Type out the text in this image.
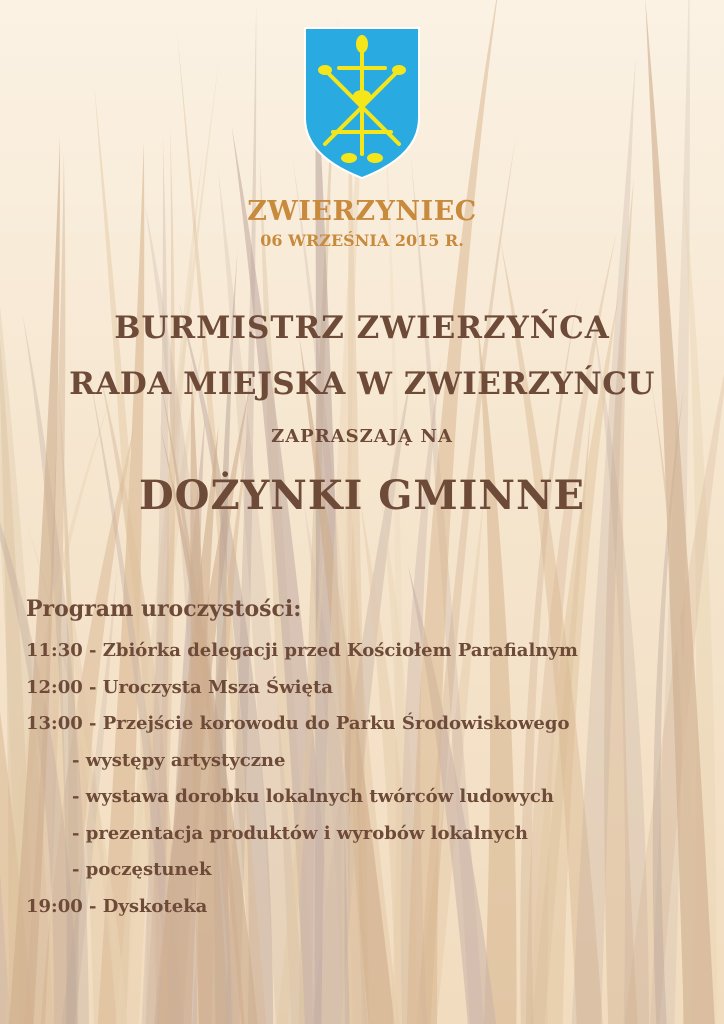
ZWIERZYNIEC
06 WRZEŚNIA 2015 R.
BURMISTRZ ZWIERZYŃCA
RADA MIEJSKA W ZWIERZYŃCU
ZAPRASZAJĄ NA
DOŻYNKI GMINNE
Program uroczystości:
11:30 - Zbiórka delegacji przed Kościołem Parafialnym
12:00 - Uroczysta Msza Święta
13:00 - Przejście korowodu do Parku Środowiskowego
- występy artystyczne
- wystawa dorobku lokalnych twórców ludowych
- prezentacja produktów i wyrobów lokalnych
- poczęstunek
19:00 - Dyskoteka
